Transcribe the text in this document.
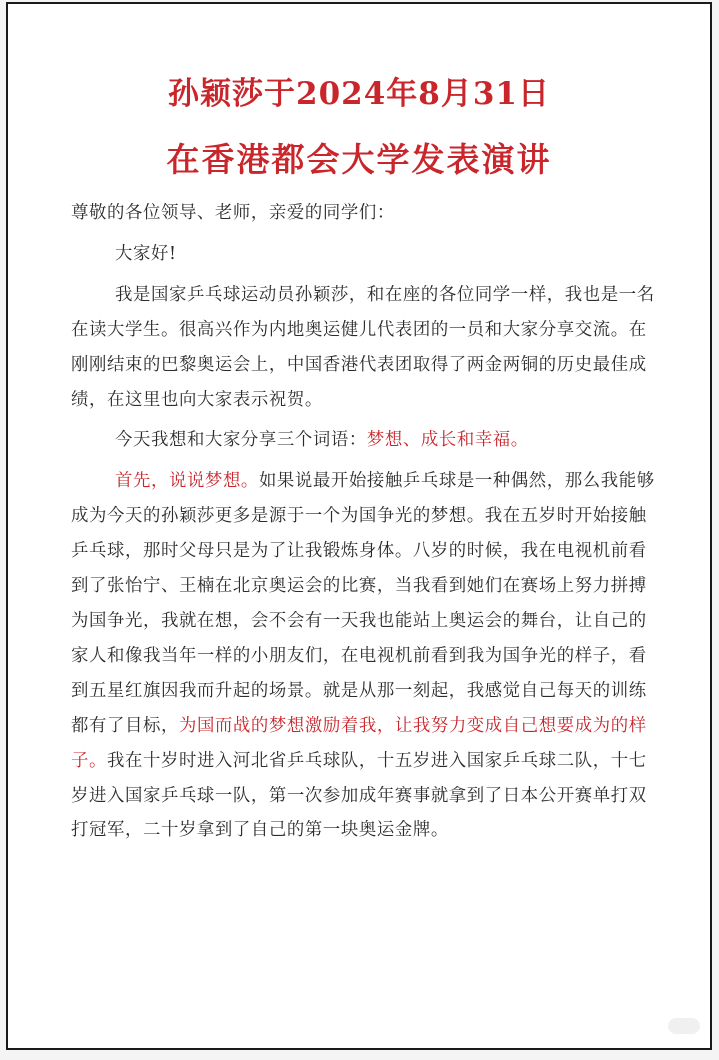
孙颖莎于2024年8月31日
在香港都会大学发表演讲

尊敬的各位领导、老师，亲爱的同学们：

大家好!

我是国家乒乓球运动员孙颖莎，和在座的各位同学一样，我也是一名在读大学生。很高兴作为内地奥运健儿代表团的一员和大家分享交流。在刚刚结束的巴黎奥运会上，中国香港代表团取得了两金两铜的历史最佳成绩，在这里也向大家表示祝贺。

今天我想和大家分享三个词语：梦想、成长和幸福。

首先，说说梦想。如果说最开始接触乒乓球是一种偶然，那么我能够成为今天的孙颖莎更多是源于一个为国争光的梦想。我在五岁时开始接触乒乓球，那时父母只是为了让我锻炼身体。八岁的时候，我在电视机前看到了张怡宁、王楠在北京奥运会的比赛，当我看到她们在赛场上努力拼搏为国争光，我就在想，会不会有一天我也能站上奥运会的舞台，让自己的家人和像我当年一样的小朋友们，在电视机前看到我为国争光的样子，看到五星红旗因我而升起的场景。就是从那一刻起，我感觉自己每天的训练都有了目标，为国而战的梦想激励着我，让我努力变成自己想要成为的样子。我在十岁时进入河北省乒乓球队，十五岁进入国家乒乓球二队，十七岁进入国家乒乓球一队，第一次参加成年赛事就拿到了日本公开赛单打双打冠军，二十岁拿到了自己的第一块奥运金牌。
